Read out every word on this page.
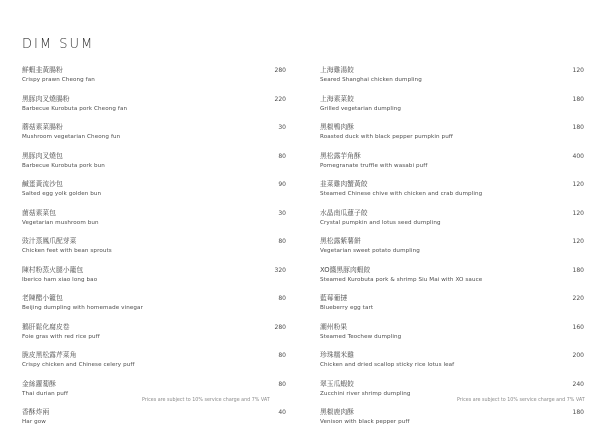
DIM SUM
鮮蝦韭黃腸粉
Crispy prawn Cheong fan
280
黑豚肉叉燒腸粉
Barbecue Kurobuta pork Cheong fan
220
蘑菇素菜腸粉
Mushroom vegetarian Cheong fun
30
黑豚肉叉燒包
Barbecue Kurobuta pork bun
80
鹹蛋黃流沙包
Salted egg yolk golden bun
90
菌菇素菜包
Vegetarian mushroom bun
30
豉汁蒸鳳爪配芽菜
Chicken feet with bean sprouts
80
陳村粉蒸火腿小籠包
Iberico ham xiao long bao
320
老陳醋小籠包
Beijing dumpling with homemade vinegar
80
鵝肝鬆化腐皮卷
Foie gras with red rice puff
280
脆皮黑松露芹菜角
Crispy chicken and Chinese celery puff
80
金絲蘿蔔酥
Thai durian puff
80
香酥炸兩
Har gow
40
上海雞湯餃
Seared Shanghai chicken dumpling
120
上海素菜餃
Grilled vegetarian dumpling
180
黑椒鴨肉酥
Roasted duck with black pepper pumpkin puff
180
黑松露芋角酥
Pomegranate truffle with wasabi puff
400
韭菜雞肉蟹黃餃
Steamed Chinese chive with chicken and crab dumpling
120
水晶南瓜蓮子餃
Crystal pumpkin and lotus seed dumpling
120
黑松露紫薯餅
Vegetarian sweet potato dumpling
120
XO醬黑豚肉蝦餃
Steamed Kurobuta pork & shrimp Siu Mai with XO sauce
180
藍莓葡撻
Blueberry egg tart
220
潮州粉果
Steamed Teochew dumpling
160
珍珠糯米雞
Chicken and dried scallop sticky rice lotus leaf
200
翠玉瓜蝦餃
Zucchini river shrimp dumpling
240
黑椒鹿肉酥
Venison with black pepper puff
180
Prices are subject to 10% service charge and 7% VAT	Prices are subject to 10% service charge and 7% VAT
